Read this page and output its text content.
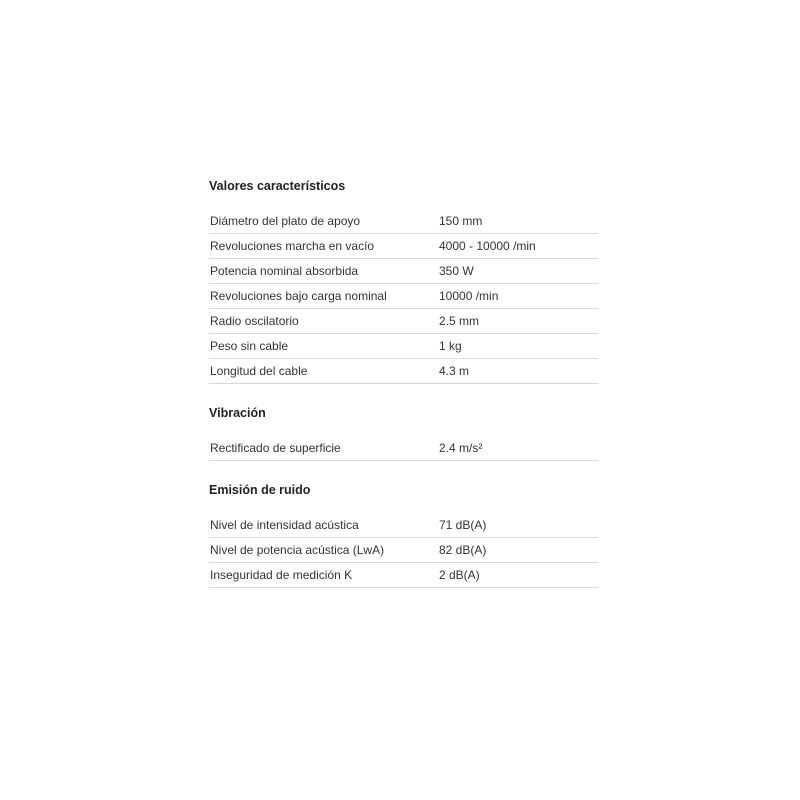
Valores característicos
Diámetro del plato de apoyo	150 mm
Revoluciones marcha en vacío	4000 - 10000 /min
Potencia nominal absorbida	350 W
Revoluciones bajo carga nominal	10000 /min
Radio oscilatorio	2.5 mm
Peso sin cable	1 kg
Longitud del cable	4.3 m
Vibración
Rectificado de superficie	2.4 m/s²
Emisión de ruido
Nivel de intensidad acústica	71 dB(A)
Nivel de potencia acústica (LwA)	82 dB(A)
Inseguridad de medición K	2 dB(A)
